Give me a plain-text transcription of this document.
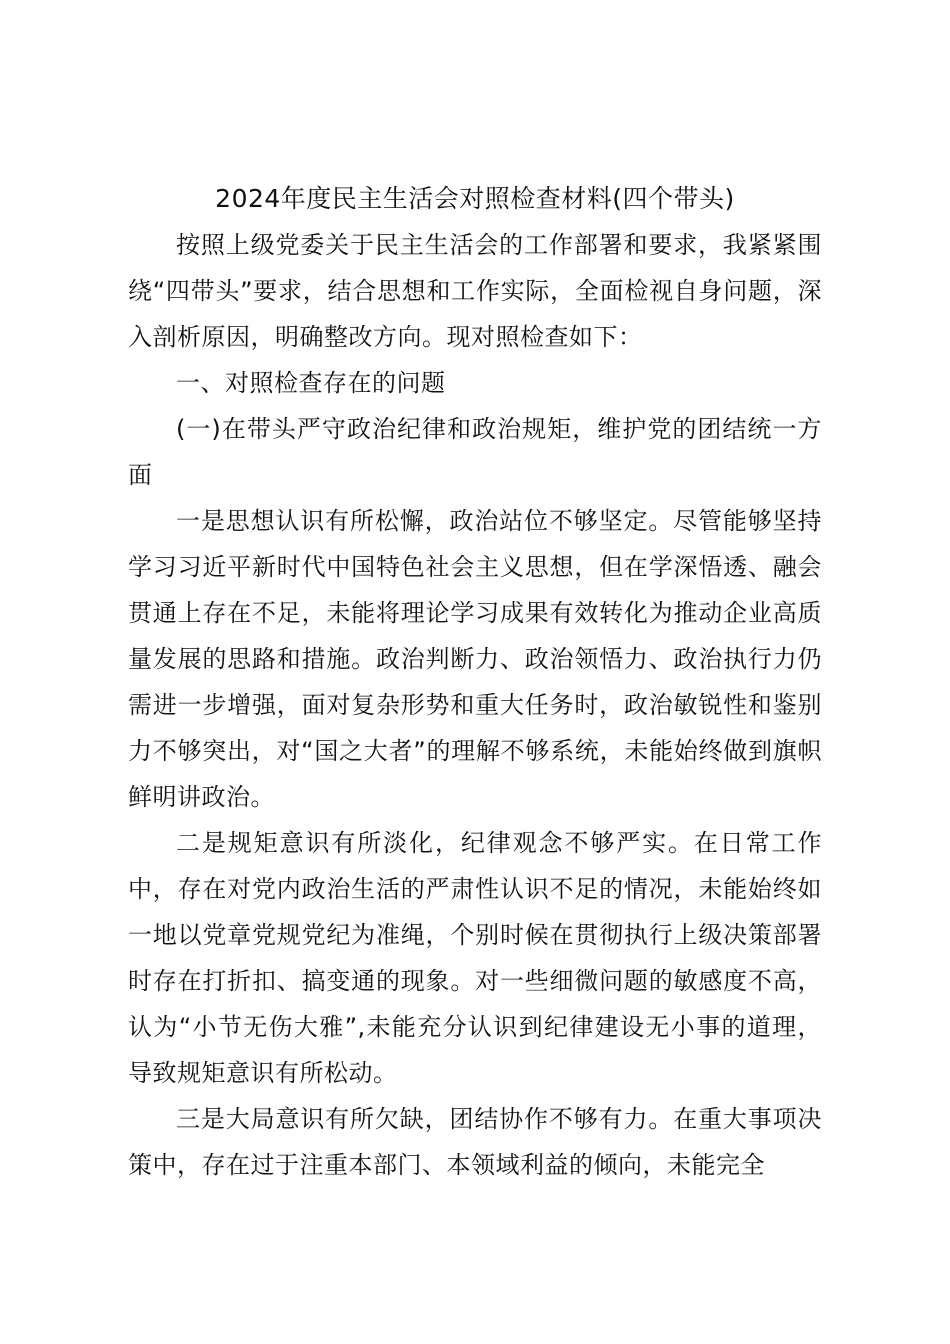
2024年度民主生活会对照检查材料(四个带头)

按照上级党委关于民主生活会的工作部署和要求，我紧紧围绕“四带头”要求，结合思想和工作实际，全面检视自身问题，深入剖析原因，明确整改方向。现对照检查如下：

一、对照检查存在的问题

(一)在带头严守政治纪律和政治规矩，维护党的团结统一方面

一是思想认识有所松懈，政治站位不够坚定。尽管能够坚持学习习近平新时代中国特色社会主义思想，但在学深悟透、融会贯通上存在不足，未能将理论学习成果有效转化为推动企业高质量发展的思路和措施。政治判断力、政治领悟力、政治执行力仍需进一步增强，面对复杂形势和重大任务时，政治敏锐性和鉴别力不够突出，对“国之大者”的理解不够系统，未能始终做到旗帜鲜明讲政治。

二是规矩意识有所淡化，纪律观念不够严实。在日常工作中，存在对党内政治生活的严肃性认识不足的情况，未能始终如一地以党章党规党纪为准绳，个别时候在贯彻执行上级决策部署时存在打折扣、搞变通的现象。对一些细微问题的敏感度不高，认为“小节无伤大雅”,未能充分认识到纪律建设无小事的道理，导致规矩意识有所松动。

三是大局意识有所欠缺，团结协作不够有力。在重大事项决策中，存在过于注重本部门、本领域利益的倾向，未能完全
